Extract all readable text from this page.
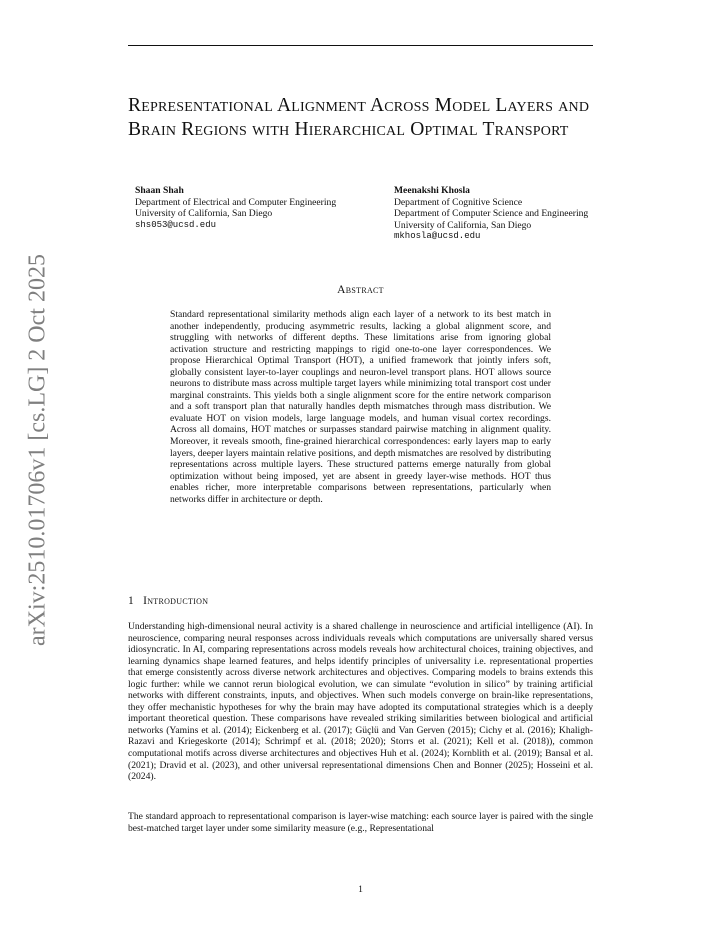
Representational Alignment Across Model Layers and Brain Regions with Hierarchical Optimal Transport
Shaan Shah
Department of Electrical and Computer Engineering
University of California, San Diego
shs053@ucsd.edu
Meenakshi Khosla
Department of Cognitive Science
Department of Computer Science and Engineering
University of California, San Diego
mkhosla@ucsd.edu
arXiv:2510.01706v1 [cs.LG] 2 Oct 2025	Abstract

Standard representational similarity methods align each layer of a network to its best match in another independently, producing asymmetric results, lacking a global alignment score, and struggling with networks of different depths. These limitations arise from ignoring global activation structure and restricting mappings to rigid one-to-one layer correspondences. We propose Hierarchical Optimal Transport (HOT), a unified framework that jointly infers soft, globally consistent layer-to-layer couplings and neuron-level transport plans. HOT allows source neurons to distribute mass across multiple target layers while minimizing total transport cost under marginal constraints. This yields both a single alignment score for the entire network comparison and a soft transport plan that naturally handles depth mismatches through mass distribution. We evaluate HOT on vision models, large language models, and human visual cortex recordings. Across all domains, HOT matches or surpasses standard pairwise matching in alignment quality. Moreover, it reveals smooth, fine-grained hierarchical correspondences: early layers map to early layers, deeper layers maintain relative positions, and depth mismatches are resolved by distributing representations across multiple layers. These structured patterns emerge naturally from global optimization without being imposed, yet are absent in greedy layer-wise methods. HOT thus enables richer, more interpretable comparisons between representations, particularly when networks differ in architecture or depth.

1 Introduction

Understanding high-dimensional neural activity is a shared challenge in neuroscience and artificial intelligence (AI). In neuroscience, comparing neural responses across individuals reveals which computations are universally shared versus idiosyncratic. In AI, comparing representations across models reveals how architectural choices, training objectives, and learning dynamics shape learned features, and helps identify principles of universality i.e. representational properties that emerge consistently across diverse network architectures and objectives. Comparing models to brains extends this logic further: while we cannot rerun biological evolution, we can simulate “evolution in silico” by training artificial networks with different constraints, inputs, and objectives. When such models converge on brain-like representations, they offer mechanistic hypotheses for why the brain may have adopted its computational strategies which is a deeply important theoretical question. These comparisons have revealed striking similarities between biological and artificial networks (Yamins et al. (2014); Eickenberg et al. (2017); Güçlü and Van Gerven (2015); Cichy et al. (2016); Khaligh-Razavi and Kriegeskorte (2014); Schrimpf et al. (2018; 2020); Storrs et al. (2021); Kell et al. (2018)), common computational motifs across diverse architectures and objectives Huh et al. (2024); Kornblith et al. (2019); Bansal et al. (2021); Dravid et al. (2023), and other universal representational dimensions Chen and Bonner (2025); Hosseini et al. (2024).

The standard approach to representational comparison is layer-wise matching: each source layer is paired with the single best-matched target layer under some similarity measure (e.g., Representational

1
